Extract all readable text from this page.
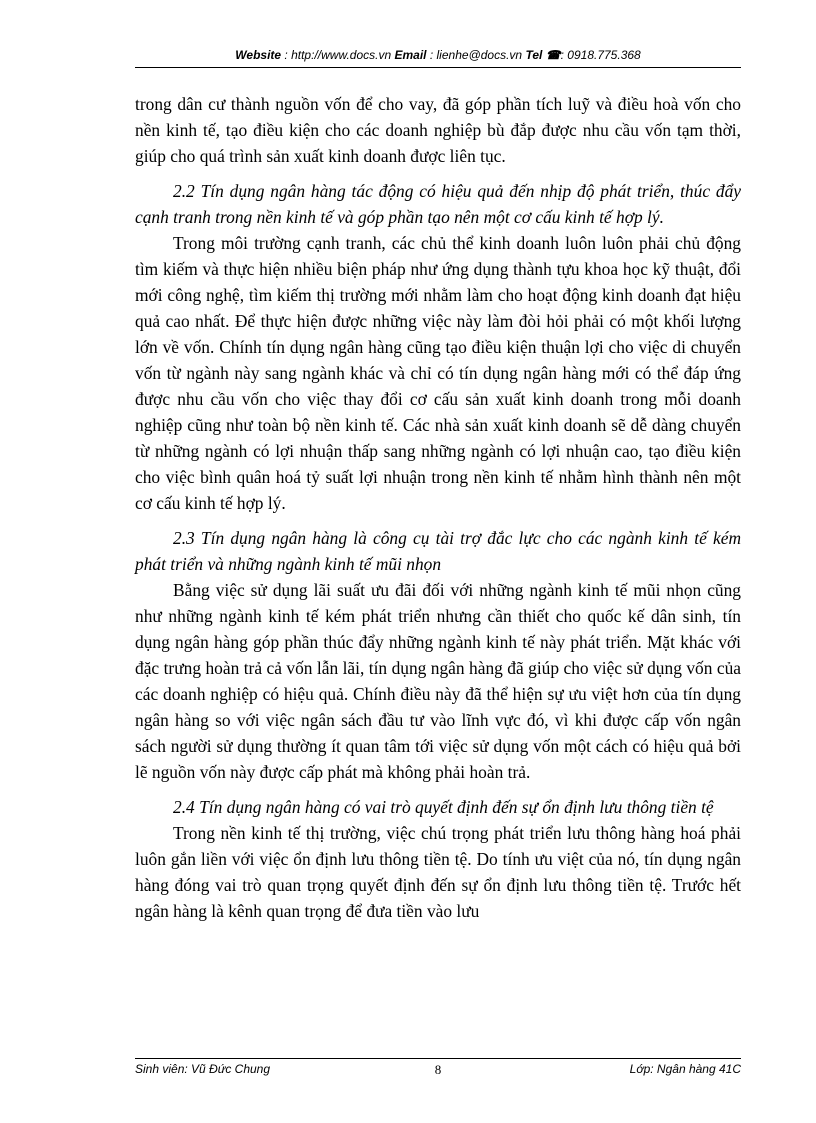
Website : http://www.docs.vn Email : lienhe@docs.vn Tel ☎: 0918.775.368

trong dân cư thành nguồn vốn để cho vay, đã góp phần tích luỹ và điều hoà vốn cho nền kinh tế, tạo điều kiện cho các doanh nghiệp bù đắp được nhu cầu vốn tạm thời, giúp cho quá trình sản xuất kinh doanh được liên tục.

2.2 Tín dụng ngân hàng tác động có hiệu quả đến nhịp độ phát triển, thúc đẩy cạnh tranh trong nền kinh tế và góp phần tạo nên một cơ cấu kinh tế hợp lý.

Trong môi trường cạnh tranh, các chủ thể kinh doanh luôn luôn phải chủ động tìm kiếm và thực hiện nhiều biện pháp như ứng dụng thành tựu khoa học kỹ thuật, đổi mới công nghệ, tìm kiếm thị trường mới nhằm làm cho hoạt động kinh doanh đạt hiệu quả cao nhất. Để thực hiện được những việc này làm đòi hỏi phải có một khối lượng lớn về vốn. Chính tín dụng ngân hàng cũng tạo điều kiện thuận lợi cho việc di chuyển vốn từ ngành này sang ngành khác và chỉ có tín dụng ngân hàng mới có thể đáp ứng được nhu cầu vốn cho việc thay đổi cơ cấu sản xuất kinh doanh trong mỗi doanh nghiệp cũng như toàn bộ nền kinh tế. Các nhà sản xuất kinh doanh sẽ dễ dàng chuyển từ những ngành có lợi nhuận thấp sang những ngành có lợi nhuận cao, tạo điều kiện cho việc bình quân hoá tỷ suất lợi nhuận trong nền kinh tế nhằm hình thành nên một cơ cấu kinh tế hợp lý.

2.3 Tín dụng ngân hàng là công cụ tài trợ đắc lực cho các ngành kinh tế kém phát triển và những ngành kinh tế mũi nhọn

Bằng việc sử dụng lãi suất ưu đãi đối với những ngành kinh tế mũi nhọn cũng như những ngành kinh tế kém phát triển nhưng cần thiết cho quốc kế dân sinh, tín dụng ngân hàng góp phần thúc đẩy những ngành kinh tế này phát triển. Mặt khác với đặc trưng hoàn trả cả vốn lẫn lãi, tín dụng ngân hàng đã giúp cho việc sử dụng vốn của các doanh nghiệp có hiệu quả. Chính điều này đã thể hiện sự ưu việt hơn của tín dụng ngân hàng so với việc ngân sách đầu tư vào lĩnh vực đó, vì khi được cấp vốn ngân sách người sử dụng thường ít quan tâm tới việc sử dụng vốn một cách có hiệu quả bởi lẽ nguồn vốn này được cấp phát mà không phải hoàn trả.

2.4 Tín dụng ngân hàng có vai trò quyết định đến sự ổn định lưu thông tiền tệ

Trong nền kinh tế thị trường, việc chú trọng phát triển lưu thông hàng hoá phải luôn gắn liền với việc ổn định lưu thông tiền tệ. Do tính ưu việt của nó, tín dụng ngân hàng đóng vai trò quan trọng quyết định đến sự ổn định lưu thông tiền tệ. Trước hết ngân hàng là kênh quan trọng để đưa tiền vào lưu

Sinh viên: Vũ Đức Chung	8	Lớp: Ngân hàng 41C
